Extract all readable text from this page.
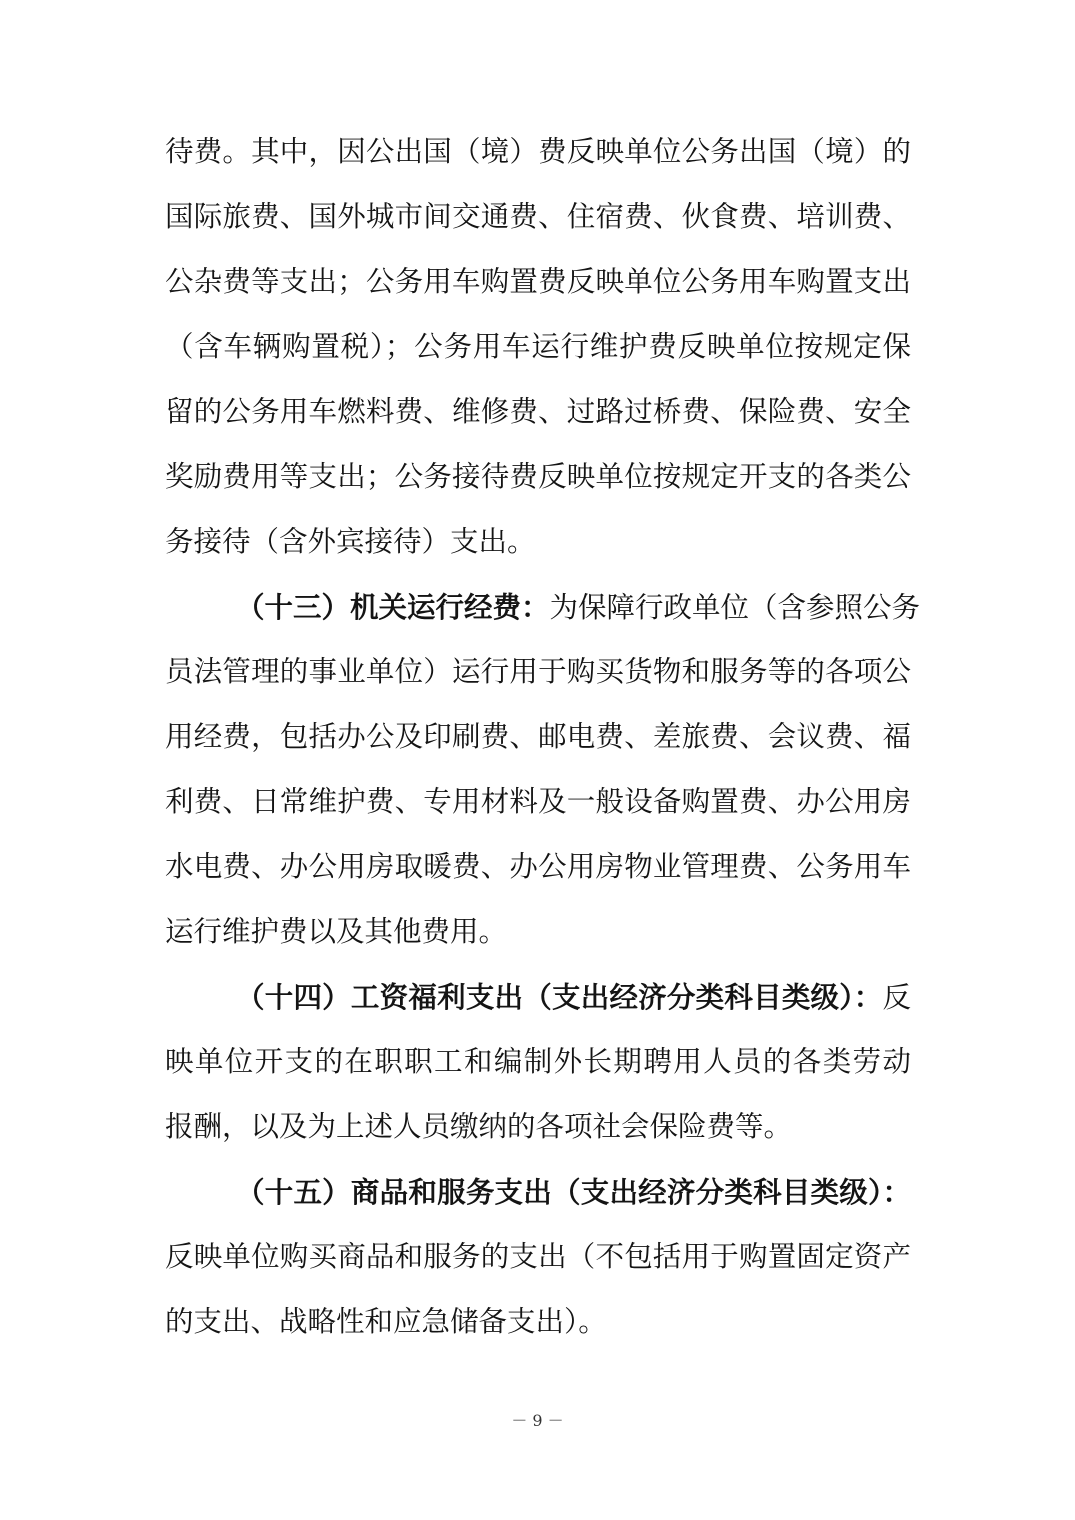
待费。其中，因公出国（境）费反映单位公务出国（境）的
国际旅费、国外城市间交通费、住宿费、伙食费、培训费、
公杂费等支出；公务用车购置费反映单位公务用车购置支出
（含车辆购置税）；公务用车运行维护费反映单位按规定保
留的公务用车燃料费、维修费、过路过桥费、保险费、安全
奖励费用等支出；公务接待费反映单位按规定开支的各类公
务接待（含外宾接待）支出。
（十三）机关运行经费：为保障行政单位（含参照公务
员法管理的事业单位）运行用于购买货物和服务等的各项公
用经费，包括办公及印刷费、邮电费、差旅费、会议费、福
利费、日常维护费、专用材料及一般设备购置费、办公用房
水电费、办公用房取暖费、办公用房物业管理费、公务用车
运行维护费以及其他费用。
（十四）工资福利支出（支出经济分类科目类级）：反
映单位开支的在职职工和编制外长期聘用人员的各类劳动
报酬，以及为上述人员缴纳的各项社会保险费等。
（十五）商品和服务支出（支出经济分类科目类级）：
反映单位购买商品和服务的支出（不包括用于购置固定资产
的支出、战略性和应急储备支出）。
－ 9 －
